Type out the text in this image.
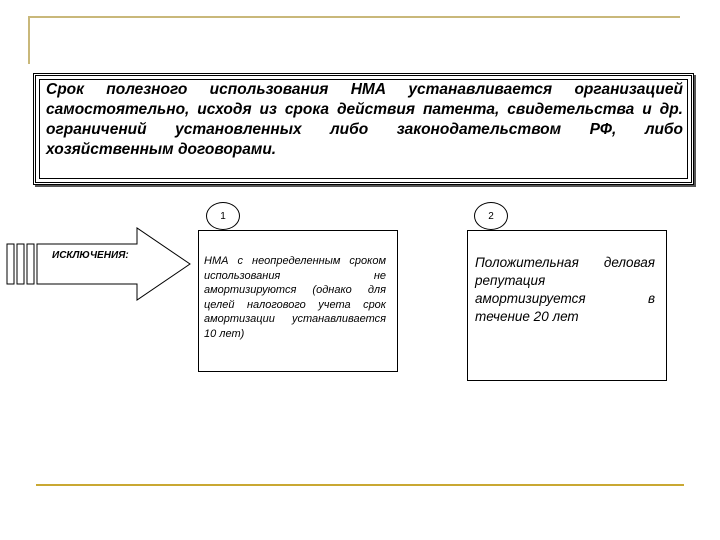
Срок полезного использования НМА устанавливается организацией самостоятельно, исходя из срока действия патента, свидетельства и др. ограничений установленных либо законодательством РФ, либо хозяйственным договорами.
ИСКЛЮЧЕНИЯ:
1
НМА с неопределенным сроком использования не амортизируются (однако для целей налогового учета срок амортизации устанавливается 10 лет)
2
Положительная деловая репутация амортизируется в течение 20 лет
